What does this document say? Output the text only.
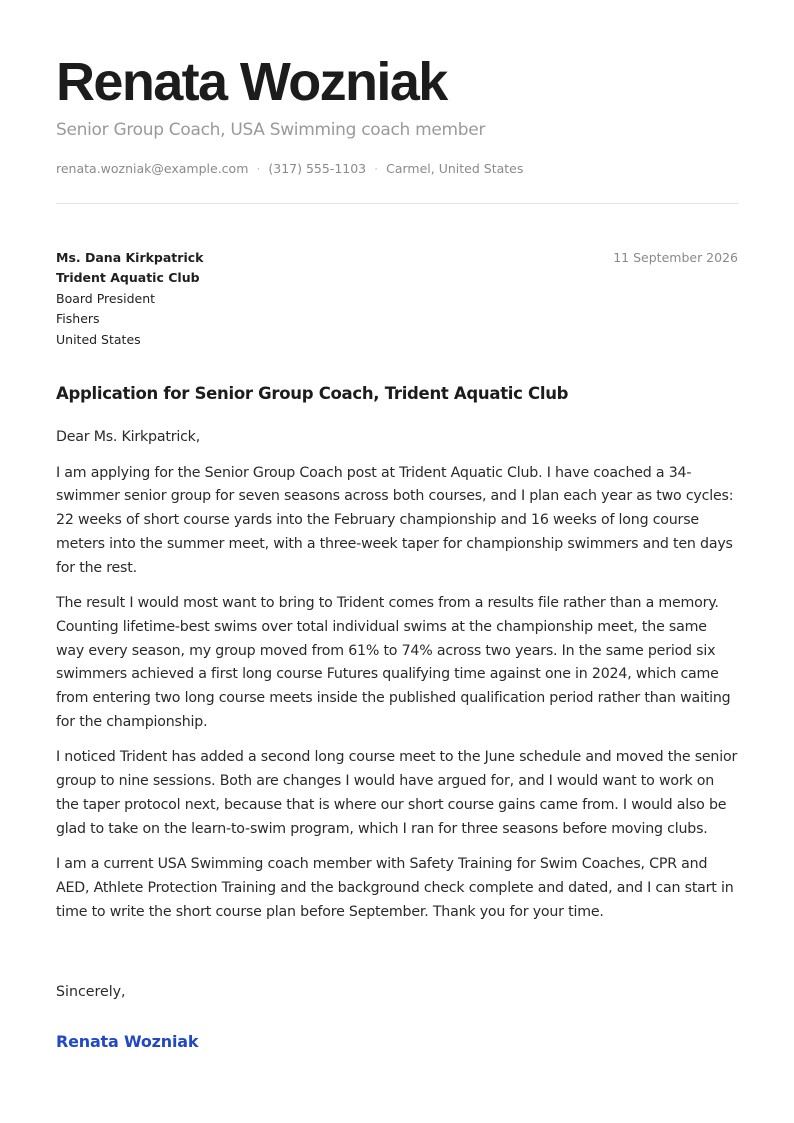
Renata Wozniak
Senior Group Coach, USA Swimming coach member
renata.wozniak@example.com · (317) 555-1103 · Carmel, United States
Ms. Dana Kirkpatrick
Trident Aquatic Club
Board President
Fishers
United States
11 September 2026
Application for Senior Group Coach, Trident Aquatic Club

Dear Ms. Kirkpatrick,

I am applying for the Senior Group Coach post at Trident Aquatic Club. I have coached a 34-swimmer senior group for seven seasons across both courses, and I plan each year as two cycles: 22 weeks of short course yards into the February championship and 16 weeks of long course meters into the summer meet, with a three-week taper for championship swimmers and ten days for the rest.

The result I would most want to bring to Trident comes from a results file rather than a memory. Counting lifetime-best swims over total individual swims at the championship meet, the same way every season, my group moved from 61% to 74% across two years. In the same period six swimmers achieved a first long course Futures qualifying time against one in 2024, which came from entering two long course meets inside the published qualification period rather than waiting for the championship.

I noticed Trident has added a second long course meet to the June schedule and moved the senior group to nine sessions. Both are changes I would have argued for, and I would want to work on the taper protocol next, because that is where our short course gains came from. I would also be glad to take on the learn-to-swim program, which I ran for three seasons before moving clubs.

I am a current USA Swimming coach member with Safety Training for Swim Coaches, CPR and AED, Athlete Protection Training and the background check complete and dated, and I can start in time to write the short course plan before September. Thank you for your time.

Sincerely,
Renata Wozniak
